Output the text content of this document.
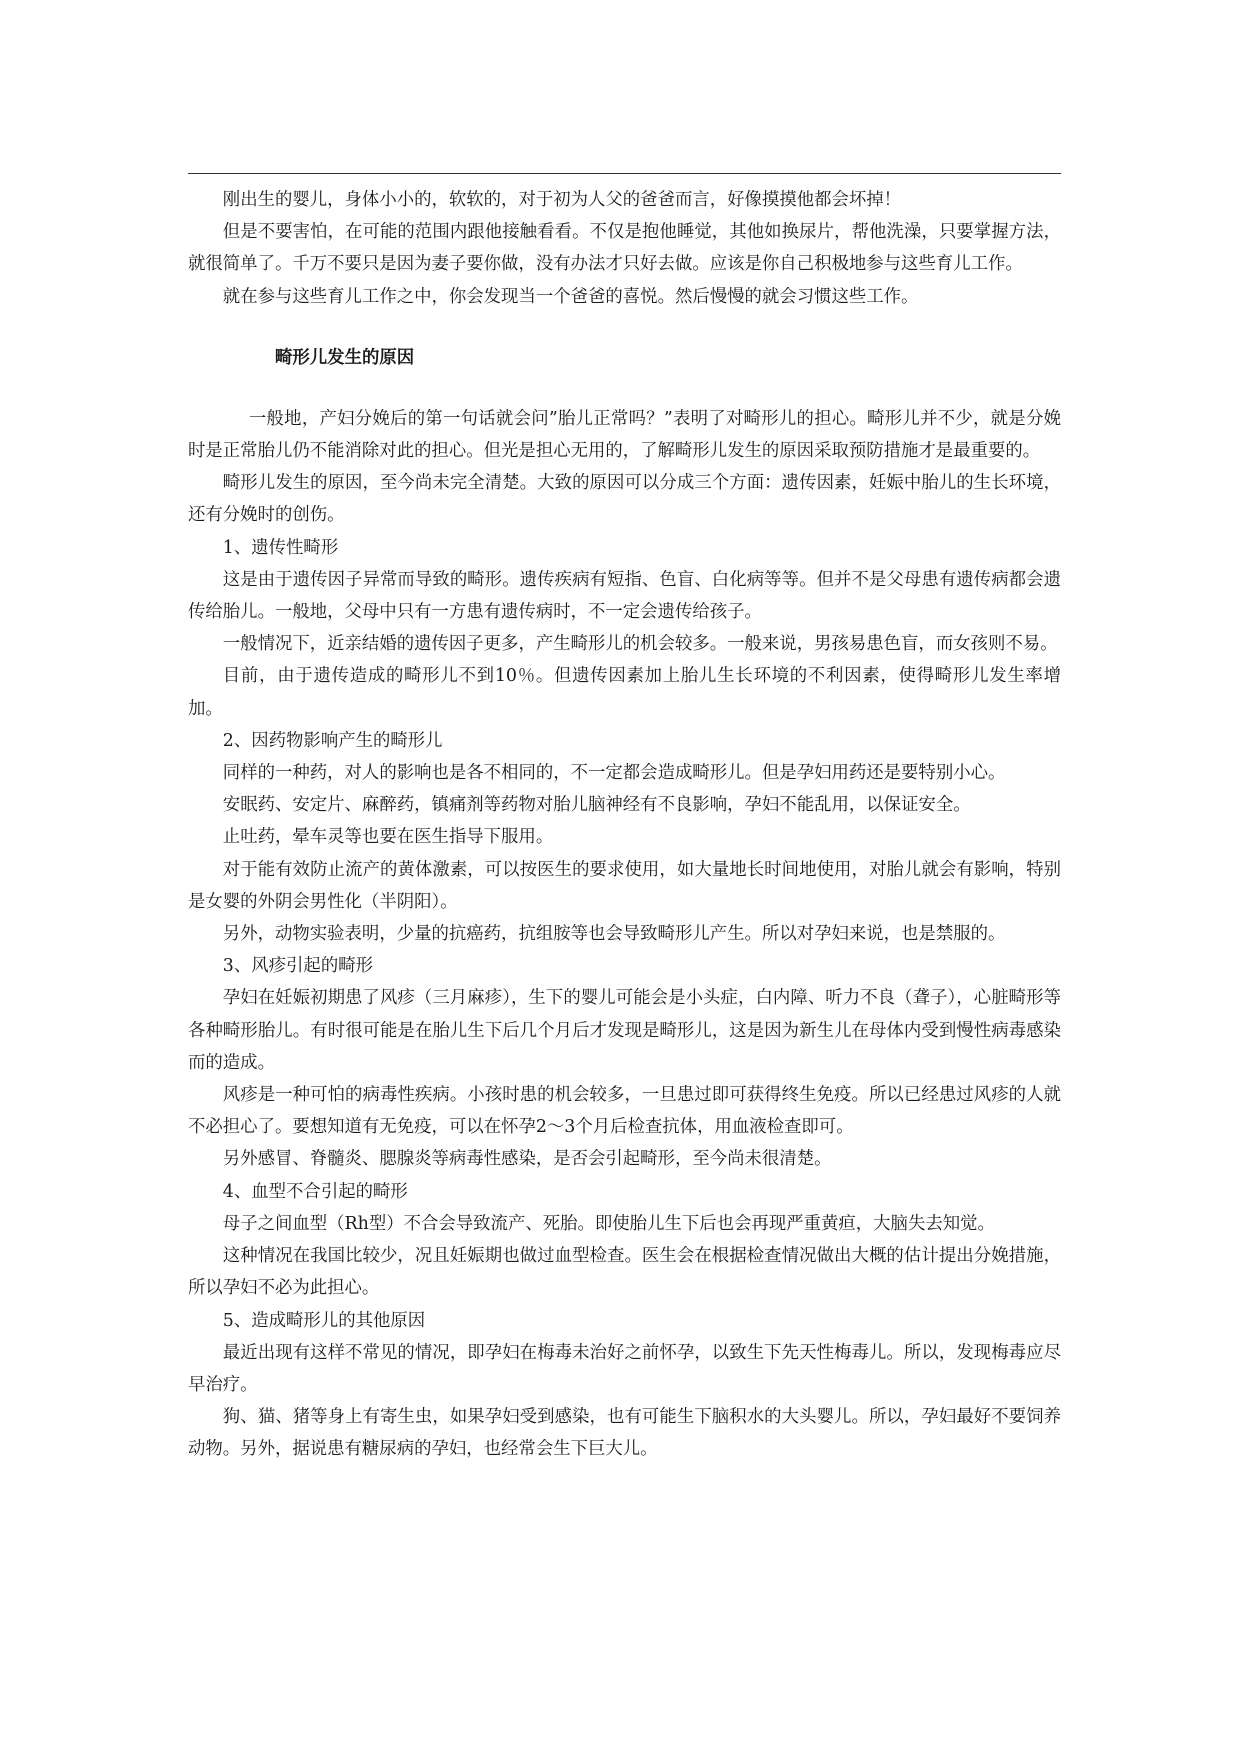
刚出生的婴儿，身体小小的，软软的，对于初为人父的爸爸而言，好像摸摸他都会坏掉！

但是不要害怕，在可能的范围内跟他接触看看。不仅是抱他睡觉，其他如换尿片，帮他洗澡，只要掌握方法，就很简单了。千万不要只是因为妻子要你做，没有办法才只好去做。应该是你自己积极地参与这些育儿工作。

就在参与这些育儿工作之中，你会发现当一个爸爸的喜悦。然后慢慢的就会习惯这些工作。

畸形儿发生的原因

一般地，产妇分娩后的第一句话就会问”胎儿正常吗？”表明了对畸形儿的担心。畸形儿并不少，就是分娩时是正常胎儿仍不能消除对此的担心。但光是担心无用的，了解畸形儿发生的原因采取预防措施才是最重要的。

畸形儿发生的原因，至今尚未完全清楚。大致的原因可以分成三个方面：遗传因素，妊娠中胎儿的生长环境，还有分娩时的创伤。

1、遗传性畸形

这是由于遗传因子异常而导致的畸形。遗传疾病有短指、色盲、白化病等等。但并不是父母患有遗传病都会遗传给胎儿。一般地，父母中只有一方患有遗传病时，不一定会遗传给孩子。

一般情况下，近亲结婚的遗传因子更多，产生畸形儿的机会较多。一般来说，男孩易患色盲，而女孩则不易。

目前，由于遗传造成的畸形儿不到10％。但遗传因素加上胎儿生长环境的不利因素，使得畸形儿发生率增加。

2、因药物影响产生的畸形儿

同样的一种药，对人的影响也是各不相同的，不一定都会造成畸形儿。但是孕妇用药还是要特别小心。

安眠药、安定片、麻醉药，镇痛剂等药物对胎儿脑神经有不良影响，孕妇不能乱用，以保证安全。

止吐药，晕车灵等也要在医生指导下服用。

对于能有效防止流产的黄体激素，可以按医生的要求使用，如大量地长时间地使用，对胎儿就会有影响，特别是女婴的外阴会男性化（半阴阳）。

另外，动物实验表明，少量的抗癌药，抗组胺等也会导致畸形儿产生。所以对孕妇来说，也是禁服的。

3、风疹引起的畸形

孕妇在妊娠初期患了风疹（三月麻疹），生下的婴儿可能会是小头症，白内障、听力不良（聋子），心脏畸形等各种畸形胎儿。有时很可能是在胎儿生下后几个月后才发现是畸形儿，这是因为新生儿在母体内受到慢性病毒感染而的造成。

风疹是一种可怕的病毒性疾病。小孩时患的机会较多，一旦患过即可获得终生免疫。所以已经患过风疹的人就不必担心了。要想知道有无免疫，可以在怀孕2～3个月后检查抗体，用血液检查即可。

另外感冒、脊髓炎、腮腺炎等病毒性感染，是否会引起畸形，至今尚未很清楚。

4、血型不合引起的畸形

母子之间血型（Rh型）不合会导致流产、死胎。即使胎儿生下后也会再现严重黄疸，大脑失去知觉。

这种情况在我国比较少，况且妊娠期也做过血型检查。医生会在根据检查情况做出大概的估计提出分娩措施，所以孕妇不必为此担心。

5、造成畸形儿的其他原因

最近出现有这样不常见的情况，即孕妇在梅毒未治好之前怀孕，以致生下先天性梅毒儿。所以，发现梅毒应尽早治疗。

狗、猫、猪等身上有寄生虫，如果孕妇受到感染，也有可能生下脑积水的大头婴儿。所以，孕妇最好不要饲养动物。另外，据说患有糖尿病的孕妇，也经常会生下巨大儿。
